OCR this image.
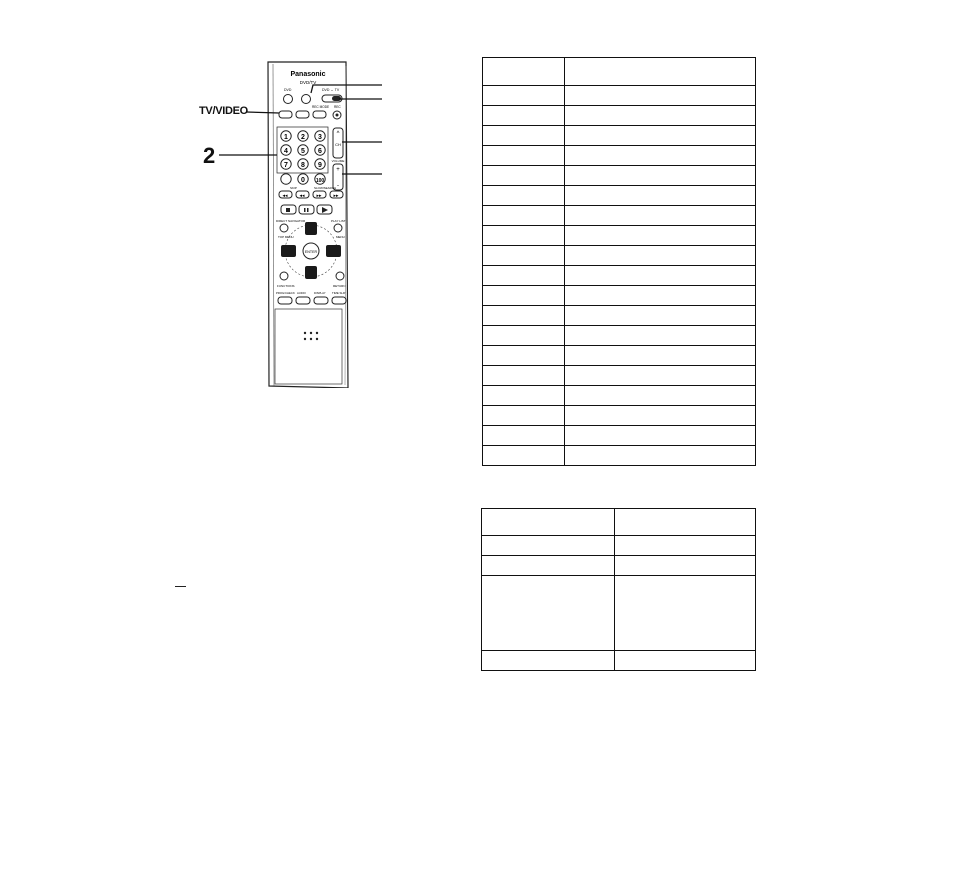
TV/VIDEO
2
Panasonic
DVD/TV
DVD	DVD ↔ TV
REC MODE REC
1 2 3
4 5 6
7 8 9
0 100
CH
^
VOLUME
+
-
SKIP	SLOW/SEARCH
◂◂ ◂◂ ▸▸ ▸▸
DIRECT NAVIGATOR	PLAY LIST
TOP MENU	MENU
ENTER
FUNCTIONS	RETURN
PROG/CHECK AUDIO	DISPLAY TIME SLIP
